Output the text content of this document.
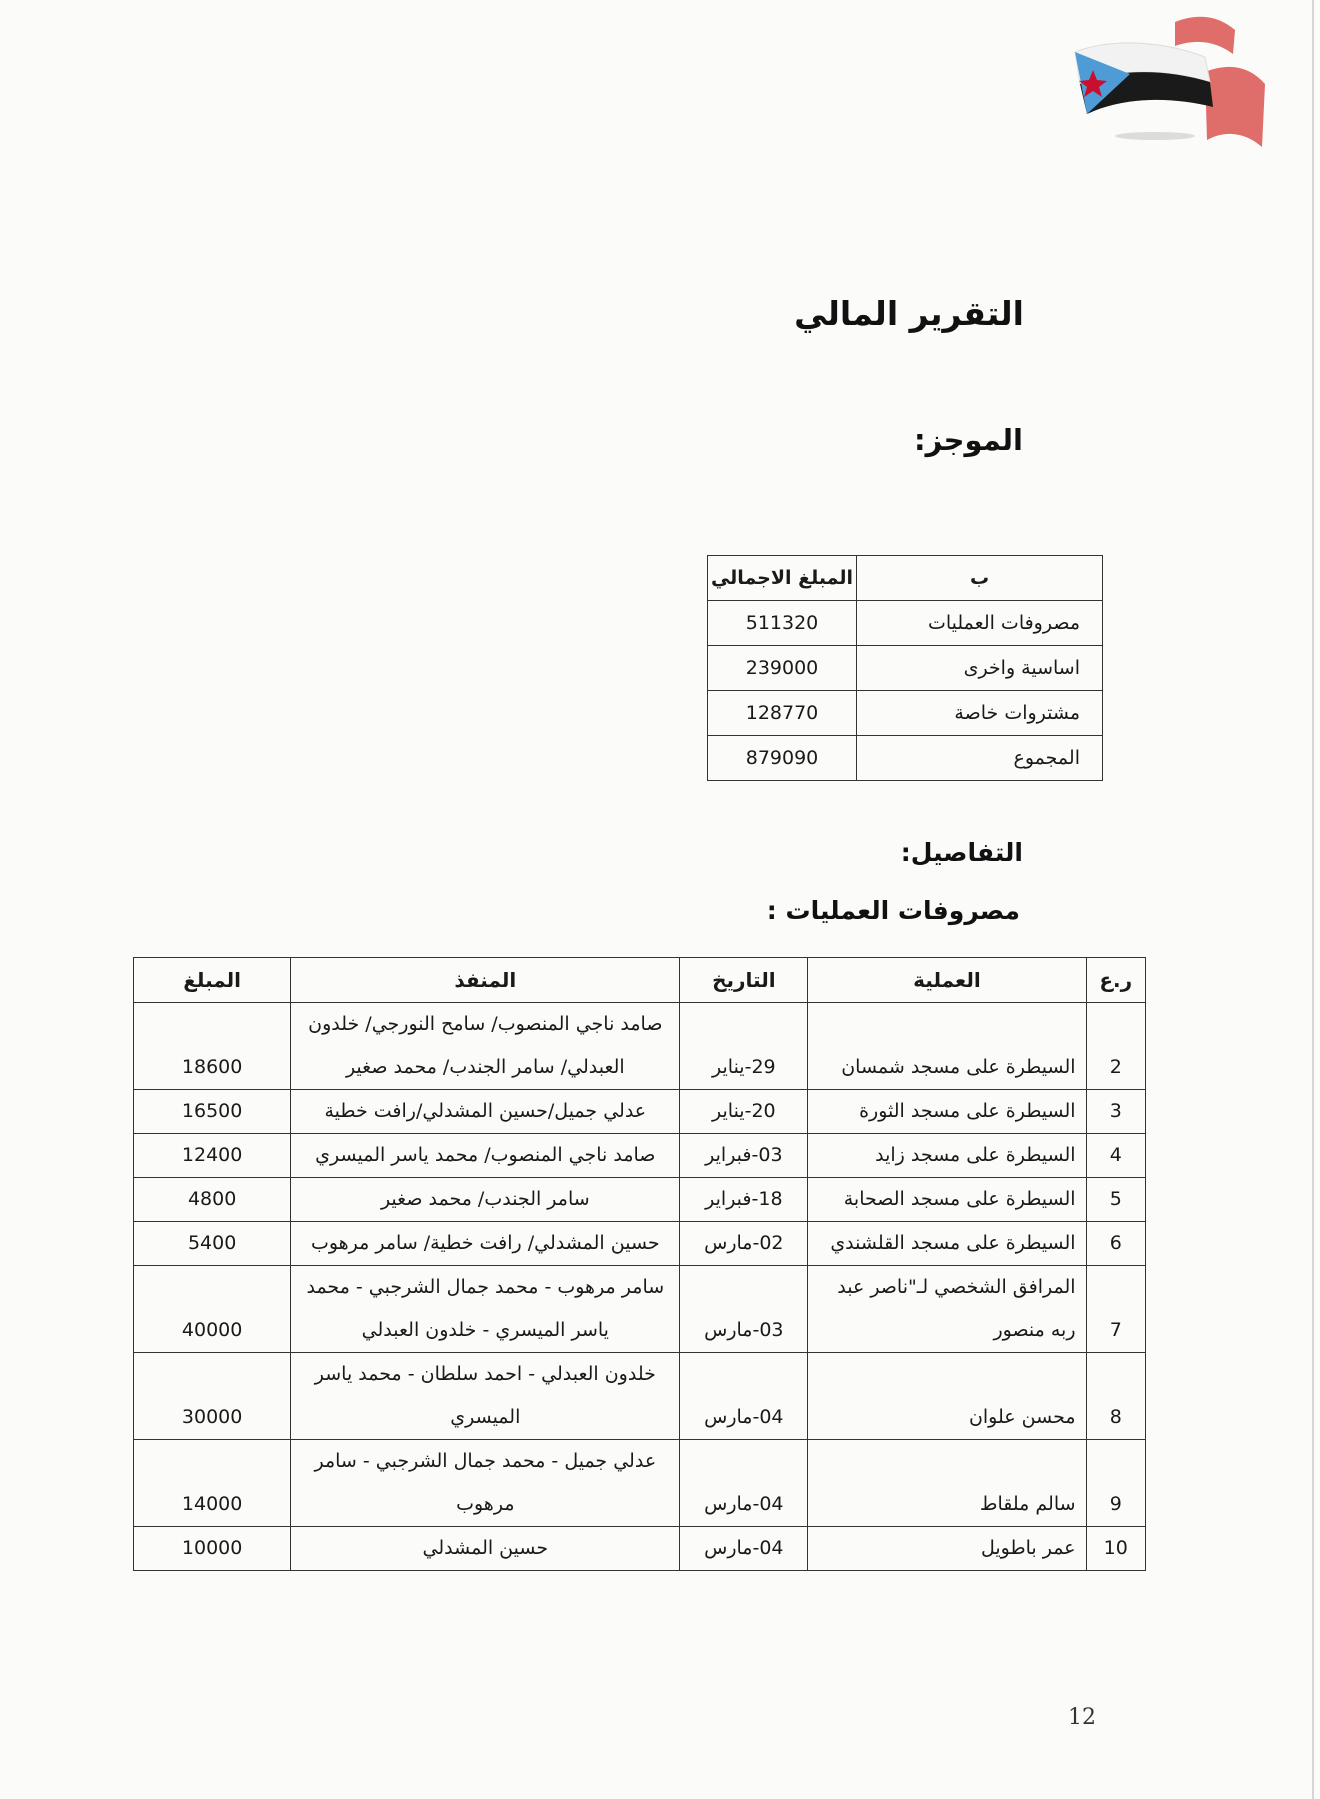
التقرير المالي
الموجز:
ب	المبلغ الاجمالي
مصروفات العمليات	511320
اساسية واخرى	239000
مشتروات خاصة	128770
المجموع	879090
التفاصيل:
مصروفات العمليات :
ر.ع	العملية	التاريخ	المنفذ	المبلغ
2	السيطرة على مسجد شمسان	29-يناير	صامد ناجي المنصوب/ سامح النورجي/ خلدون العبدلي/ سامر الجندب/ محمد صغير	18600
3	السيطرة على مسجد الثورة	20-يناير	عدلي جميل/حسين المشدلي/رافت خطية	16500
4	السيطرة على مسجد زايد	03-فبراير	صامد ناجي المنصوب/ محمد ياسر الميسري	12400
5	السيطرة على مسجد الصحابة	18-فبراير	سامر الجندب/ محمد صغير	4800
6	السيطرة على مسجد القلشندي	02-مارس	حسين المشدلي/ رافت خطية/ سامر مرهوب	5400
7	المرافق الشخصي لـ"ناصر عبد ربه منصور	03-مارس	سامر مرهوب - محمد جمال الشرجبي - محمد ياسر الميسري - خلدون العبدلي	40000
8	محسن علوان	04-مارس	خلدون العبدلي - احمد سلطان - محمد ياسر الميسري	30000
9	سالم ملقاط	04-مارس	عدلي جميل - محمد جمال الشرجبي - سامر مرهوب	14000
10	عمر باطويل	04-مارس	حسين المشدلي	10000
12
